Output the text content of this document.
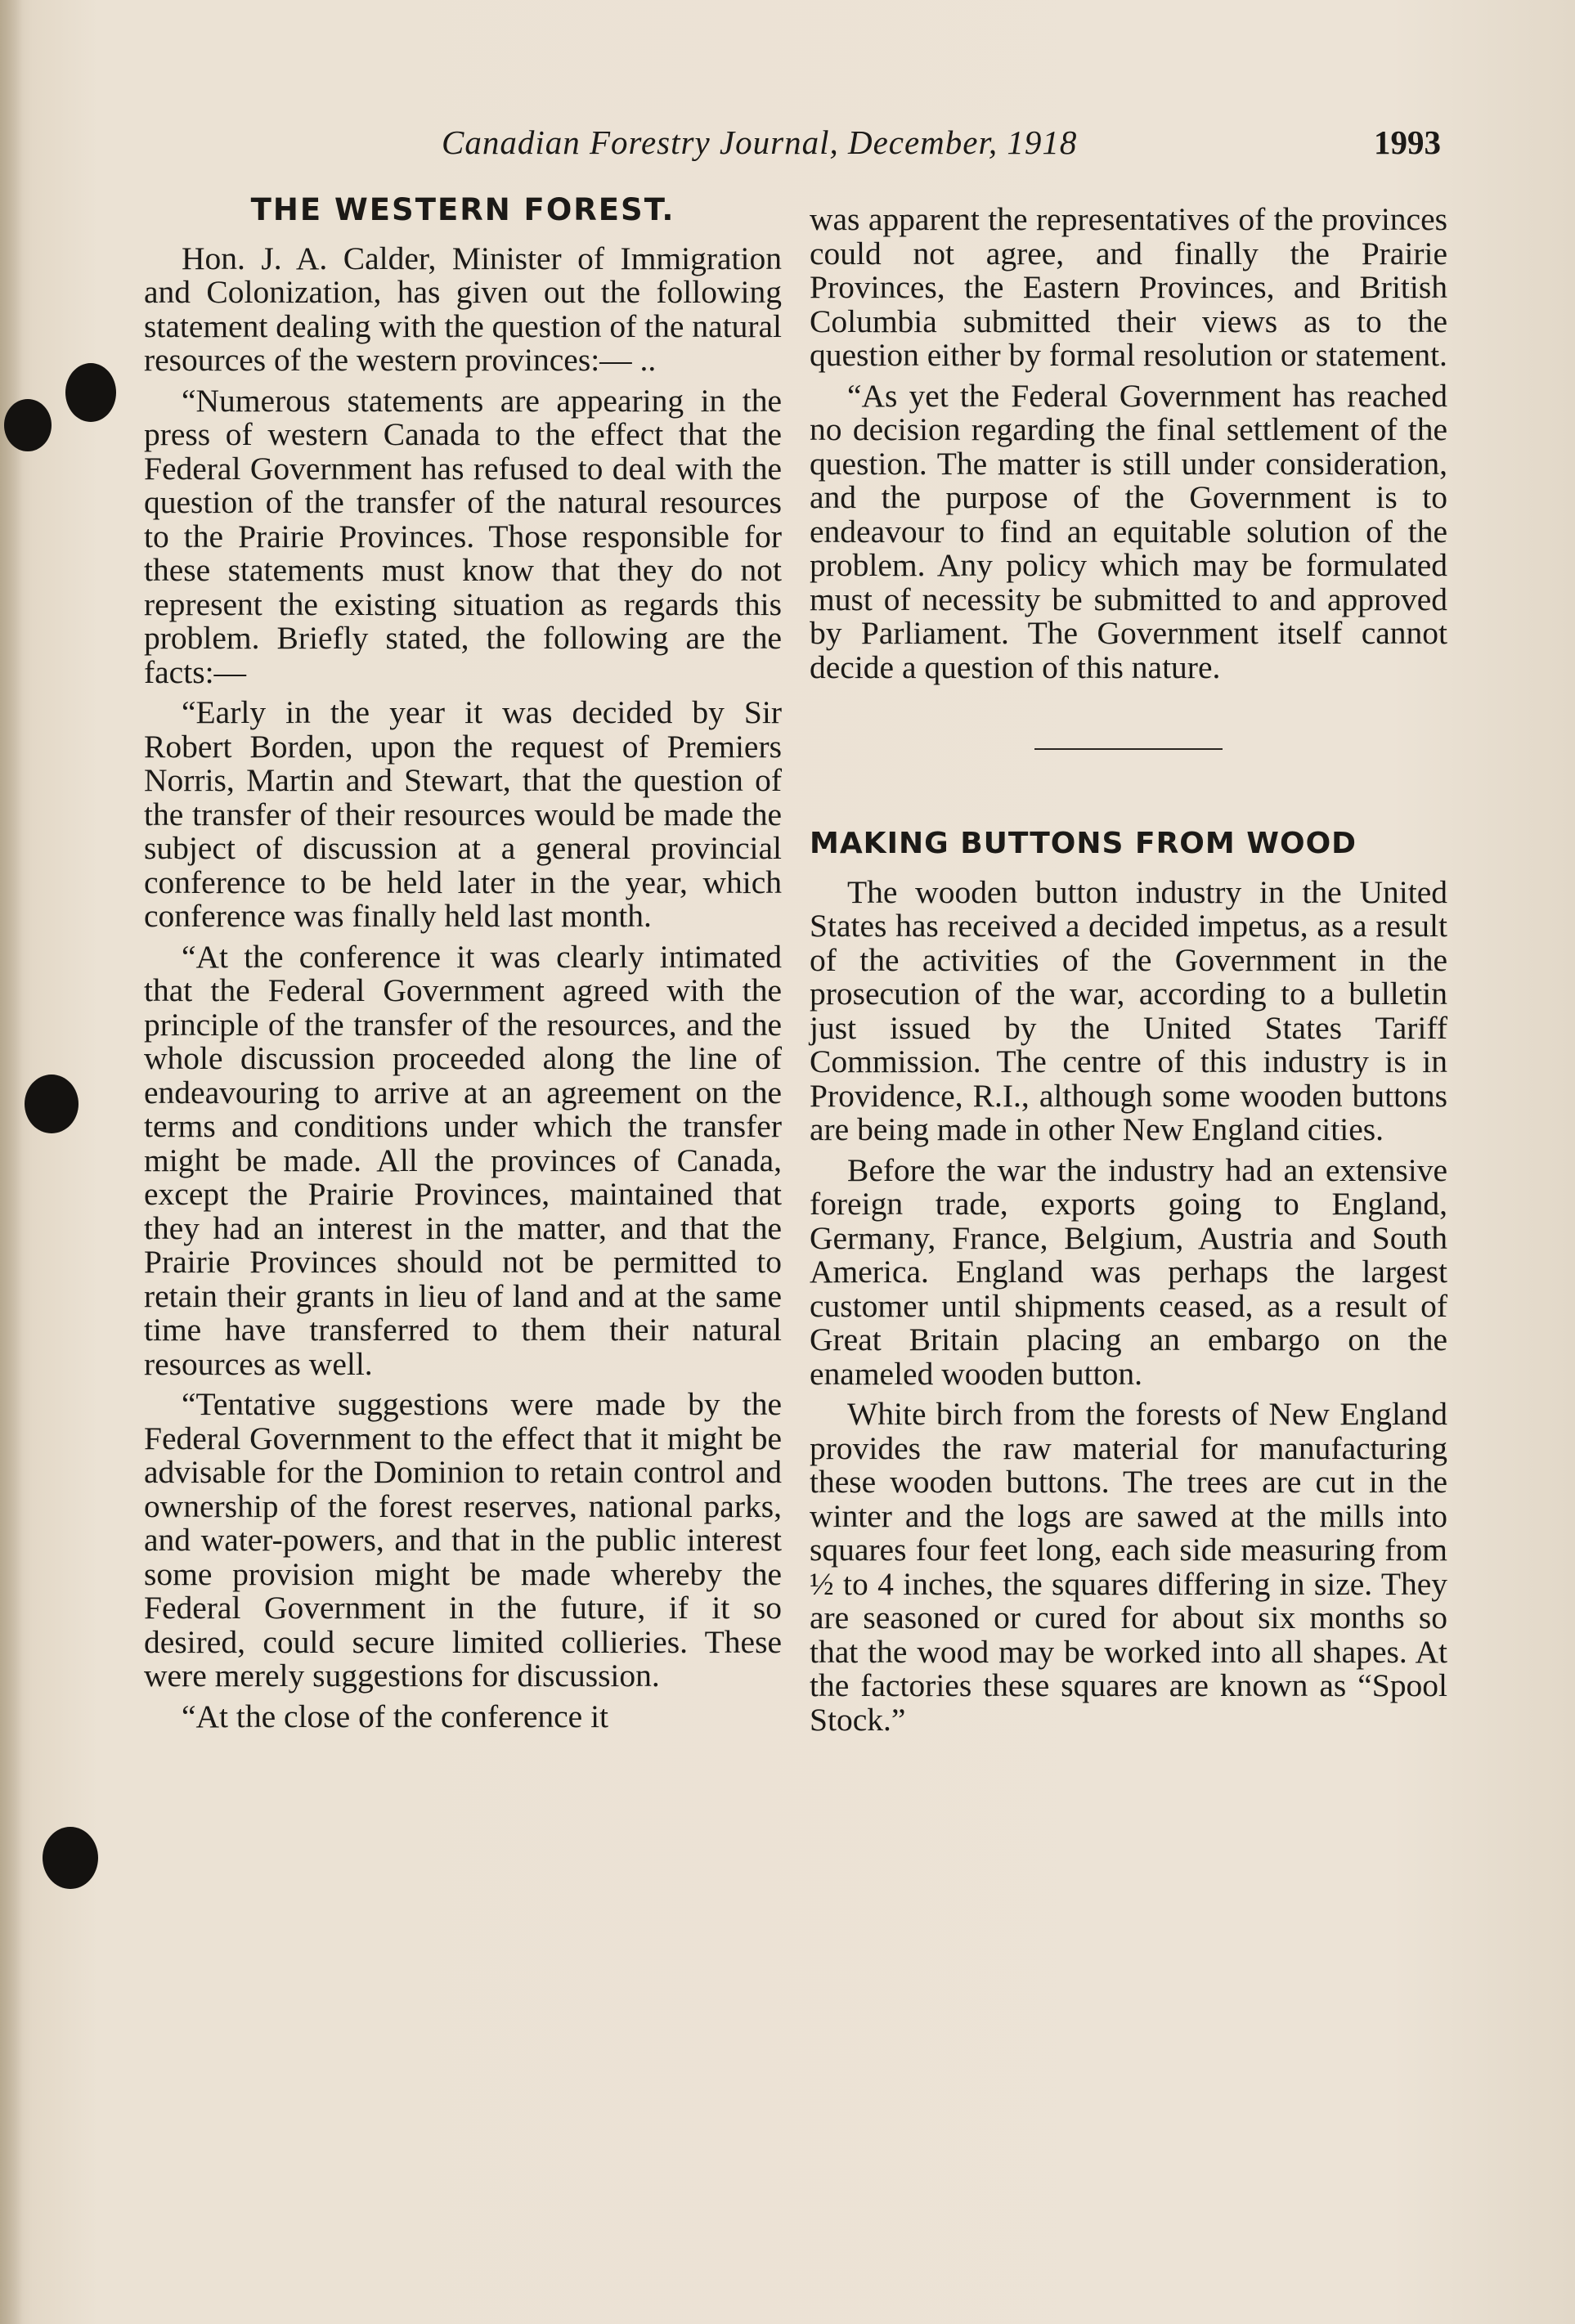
Canadian Forestry Journal, December, 1918	1993
THE WESTERN FOREST.

Hon. J. A. Calder, Minister of Immigration and Colonization, has given out the following statement dealing with the question of the natural resources of the western provinces:— ..

“Numerous statements are appearing in the press of western Canada to the effect that the Federal Government has refused to deal with the question of the transfer of the natural resources to the Prairie Provinces. Those responsible for these statements must know that they do not represent the existing situation as regards this problem. Briefly stated, the following are the facts:—

“Early in the year it was decided by Sir Robert Borden, upon the request of Premiers Norris, Martin and Stewart, that the question of the transfer of their resources would be made the subject of discussion at a general provincial conference to be held later in the year, which conference was finally held last month.

“At the conference it was clearly intimated that the Federal Government agreed with the principle of the transfer of the resources, and the whole discussion proceeded along the line of endeavouring to arrive at an agreement on the terms and conditions under which the transfer might be made. All the provinces of Canada, except the Prairie Provinces, maintained that they had an interest in the matter, and that the Prairie Provinces should not be permitted to retain their grants in lieu of land and at the same time have transferred to them their natural resources as well.

“Tentative suggestions were made by the Federal Government to the effect that it might be advisable for the Dominion to retain control and ownership of the forest reserves, national parks, and water-powers, and that in the public interest some provision might be made whereby the Federal Government in the future, if it so desired, could secure limited collieries. These were merely suggestions for discussion.

“At the close of the conference it

was apparent the representatives of the provinces could not agree, and finally the Prairie Provinces, the Eastern Provinces, and British Columbia submitted their views as to the question either by formal resolution or statement.

“As yet the Federal Government has reached no decision regarding the final settlement of the question. The matter is still under consideration, and the purpose of the Government is to endeavour to find an equitable solution of the problem. Any policy which may be formulated must of necessity be submitted to and approved by Parliament. The Government itself cannot decide a question of this nature.

MAKING BUTTONS FROM WOOD

The wooden button industry in the United States has received a decided impetus, as a result of the activities of the Government in the prosecution of the war, according to a bulletin just issued by the United States Tariff Commission. The centre of this industry is in Providence, R.I., although some wooden buttons are being made in other New England cities.

Before the war the industry had an extensive foreign trade, exports going to England, Germany, France, Belgium, Austria and South America. England was perhaps the largest customer until shipments ceased, as a result of Great Britain placing an embargo on the enameled wooden button.

White birch from the forests of New England provides the raw material for manufacturing these wooden buttons. The trees are cut in the winter and the logs are sawed at the mills into squares four feet long, each side measuring from ½ to 4 inches, the squares differing in size. They are seasoned or cured for about six months so that the wood may be worked into all shapes. At the factories these squares are known as “Spool Stock.”
